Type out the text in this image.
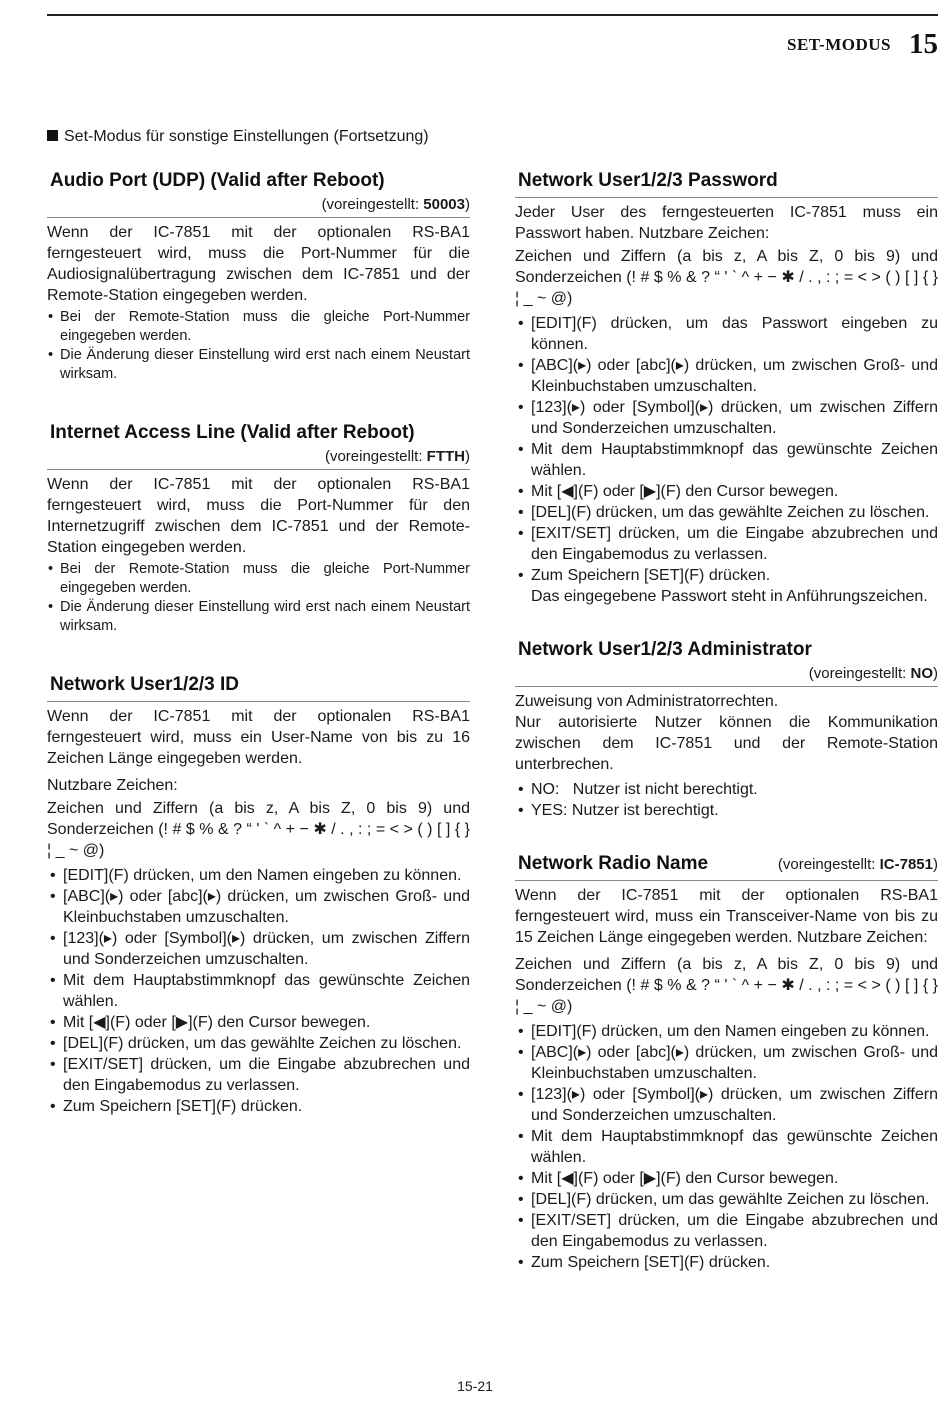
SET-MODUS 15
Set-Modus für sonstige Einstellungen (Fortsetzung)
Audio Port (UDP) (Valid after Reboot)
(voreingestellt: 50003)

Wenn der IC-7851 mit der optionalen RS-BA1 ferngesteuert wird, muss die Port-Nummer für die Audiosignalübertragung zwischen dem IC-7851 und der Remote-Station eingegeben werden.

• Bei der Remote-Station muss die gleiche Port-Nummer eingegeben werden.
• Die Änderung dieser Einstellung wird erst nach einem Neustart wirksam.
Internet Access Line (Valid after Reboot)
(voreingestellt: FTTH)

Wenn der IC-7851 mit der optionalen RS-BA1 ferngesteuert wird, muss die Port-Nummer für den Internetzugriff zwischen dem IC-7851 und der Remote-Station eingegeben werden.

• Bei der Remote-Station muss die gleiche Port-Nummer eingegeben werden.
• Die Änderung dieser Einstellung wird erst nach einem Neustart wirksam.
Network User1/2/3 ID

Wenn der IC-7851 mit der optionalen RS-BA1 ferngesteuert wird, muss ein User-Name von bis zu 16 Zeichen Länge eingegeben werden.

Nutzbare Zeichen:

Zeichen und Ziffern (a bis z, A bis Z, 0 bis 9) und Sonderzeichen (! # $ % & ? “ ' ` ^ + − ✱ / . , : ; = < > ( ) [ ] { } ¦ _ ~ @)

• [EDIT](F) drücken, um den Namen eingeben zu können.
• [ABC](▸) oder [abc](▸) drücken, um zwischen Groß- und Kleinbuchstaben umzuschalten.
• [123](▸) oder [Symbol](▸) drücken, um zwischen Ziffern und Sonderzeichen umzuschalten.
• Mit dem Hauptabstimmknopf das gewünschte Zeichen wählen.
• Mit [◀](F) oder [▶](F) den Cursor bewegen.
• [DEL](F) drücken, um das gewählte Zeichen zu löschen.
• [EXIT/SET] drücken, um die Eingabe abzubrechen und den Eingabemodus zu verlassen.
• Zum Speichern [SET](F) drücken.
Network User1/2/3 Password

Jeder User des ferngesteuerten IC-7851 muss ein Passwort haben. Nutzbare Zeichen:

Zeichen und Ziffern (a bis z, A bis Z, 0 bis 9) und Sonderzeichen (! # $ % & ? “ ' ` ^ + − ✱ / . , : ; = < > ( ) [ ] { } ¦ _ ~ @)

• [EDIT](F) drücken, um das Passwort eingeben zu können.
• [ABC](▸) oder [abc](▸) drücken, um zwischen Groß- und Kleinbuchstaben umzuschalten.
• [123](▸) oder [Symbol](▸) drücken, um zwischen Ziffern und Sonderzeichen umzuschalten.
• Mit dem Hauptabstimmknopf das gewünschte Zeichen wählen.
• Mit [◀](F) oder [▶](F) den Cursor bewegen.
• [DEL](F) drücken, um das gewählte Zeichen zu löschen.
• [EXIT/SET] drücken, um die Eingabe abzubrechen und den Eingabemodus zu verlassen.
• Zum Speichern [SET](F) drücken.
Das eingegebene Passwort steht in Anführungszeichen.
Network User1/2/3 Administrator
(voreingestellt: NO)

Zuweisung von Administratorrechten.

Nur autorisierte Nutzer können die Kommunikation zwischen dem IC-7851 und der Remote-Station unterbrechen.

• NO:   Nutzer ist nicht berechtigt.
• YES: Nutzer ist berechtigt.
Network Radio Name	(voreingestellt: IC-7851)

Wenn der IC-7851 mit der optionalen RS-BA1 ferngesteuert wird, muss ein Transceiver-Name von bis zu 15 Zeichen Länge eingegeben werden. Nutzbare Zeichen:

Zeichen und Ziffern (a bis z, A bis Z, 0 bis 9) und Sonderzeichen (! # $ % & ? “ ' ` ^ + − ✱ / . , : ; = < > ( ) [ ] { } ¦ _ ~ @)

• [EDIT](F) drücken, um den Namen eingeben zu können.
• [ABC](▸) oder [abc](▸) drücken, um zwischen Groß- und Kleinbuchstaben umzuschalten.
• [123](▸) oder [Symbol](▸) drücken, um zwischen Ziffern und Sonderzeichen umzuschalten.
• Mit dem Hauptabstimmknopf das gewünschte Zeichen wählen.
• Mit [◀](F) oder [▶](F) den Cursor bewegen.
• [DEL](F) drücken, um das gewählte Zeichen zu löschen.
• [EXIT/SET] drücken, um die Eingabe abzubrechen und den Eingabemodus zu verlassen.
• Zum Speichern [SET](F) drücken.
15-21
